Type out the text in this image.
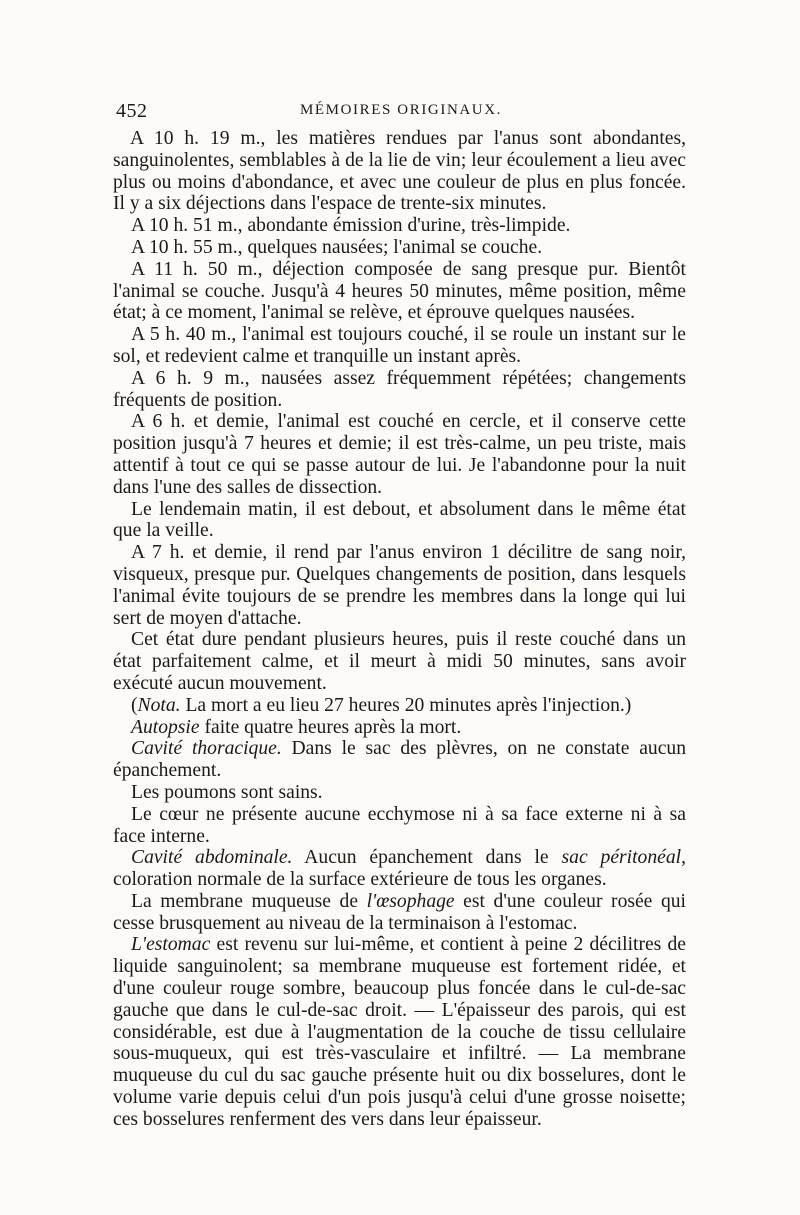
452	MÉMOIRES ORIGINAUX.

A 10 h. 19 m., les matières rendues par l'anus sont abondantes, sanguinolentes, semblables à de la lie de vin; leur écoulement a lieu avec plus ou moins d'abondance, et avec une couleur de plus en plus foncée. Il y a six déjections dans l'espace de trente-six minutes.

A 10 h. 51 m., abondante émission d'urine, très-limpide.

A 10 h. 55 m., quelques nausées; l'animal se couche.

A 11 h. 50 m., déjection composée de sang presque pur. Bientôt l'animal se couche. Jusqu'à 4 heures 50 minutes, même position, même état; à ce moment, l'animal se relève, et éprouve quelques nausées.

A 5 h. 40 m., l'animal est toujours couché, il se roule un instant sur le sol, et redevient calme et tranquille un instant après.

A 6 h. 9 m., nausées assez fréquemment répétées; changements fréquents de position.

A 6 h. et demie, l'animal est couché en cercle, et il conserve cette position jusqu'à 7 heures et demie; il est très-calme, un peu triste, mais attentif à tout ce qui se passe autour de lui. Je l'abandonne pour la nuit dans l'une des salles de dissection.

Le lendemain matin, il est debout, et absolument dans le même état que la veille.

A 7 h. et demie, il rend par l'anus environ 1 décilitre de sang noir, visqueux, presque pur. Quelques changements de position, dans lesquels l'animal évite toujours de se prendre les membres dans la longe qui lui sert de moyen d'attache.

Cet état dure pendant plusieurs heures, puis il reste couché dans un état parfaitement calme, et il meurt à midi 50 minutes, sans avoir exécuté aucun mouvement.

(Nota. La mort a eu lieu 27 heures 20 minutes après l'injection.)

Autopsie faite quatre heures après la mort.

Cavité thoracique. Dans le sac des plèvres, on ne constate aucun épanchement.

Les poumons sont sains.

Le cœur ne présente aucune ecchymose ni à sa face externe ni à sa face interne.

Cavité abdominale. Aucun épanchement dans le sac péritonéal, coloration normale de la surface extérieure de tous les organes.

La membrane muqueuse de l'œsophage est d'une couleur rosée qui cesse brusquement au niveau de la terminaison à l'estomac.

L'estomac est revenu sur lui-même, et contient à peine 2 décilitres de liquide sanguinolent; sa membrane muqueuse est fortement ridée, et d'une couleur rouge sombre, beaucoup plus foncée dans le cul-de-sac gauche que dans le cul-de-sac droit. — L'épaisseur des parois, qui est considérable, est due à l'augmentation de la couche de tissu cellulaire sous-muqueux, qui est très-vasculaire et infiltré. — La membrane muqueuse du cul du sac gauche présente huit ou dix bosselures, dont le volume varie depuis celui d'un pois jusqu'à celui d'une grosse noisette; ces bosselures renferment des vers dans leur épaisseur.
